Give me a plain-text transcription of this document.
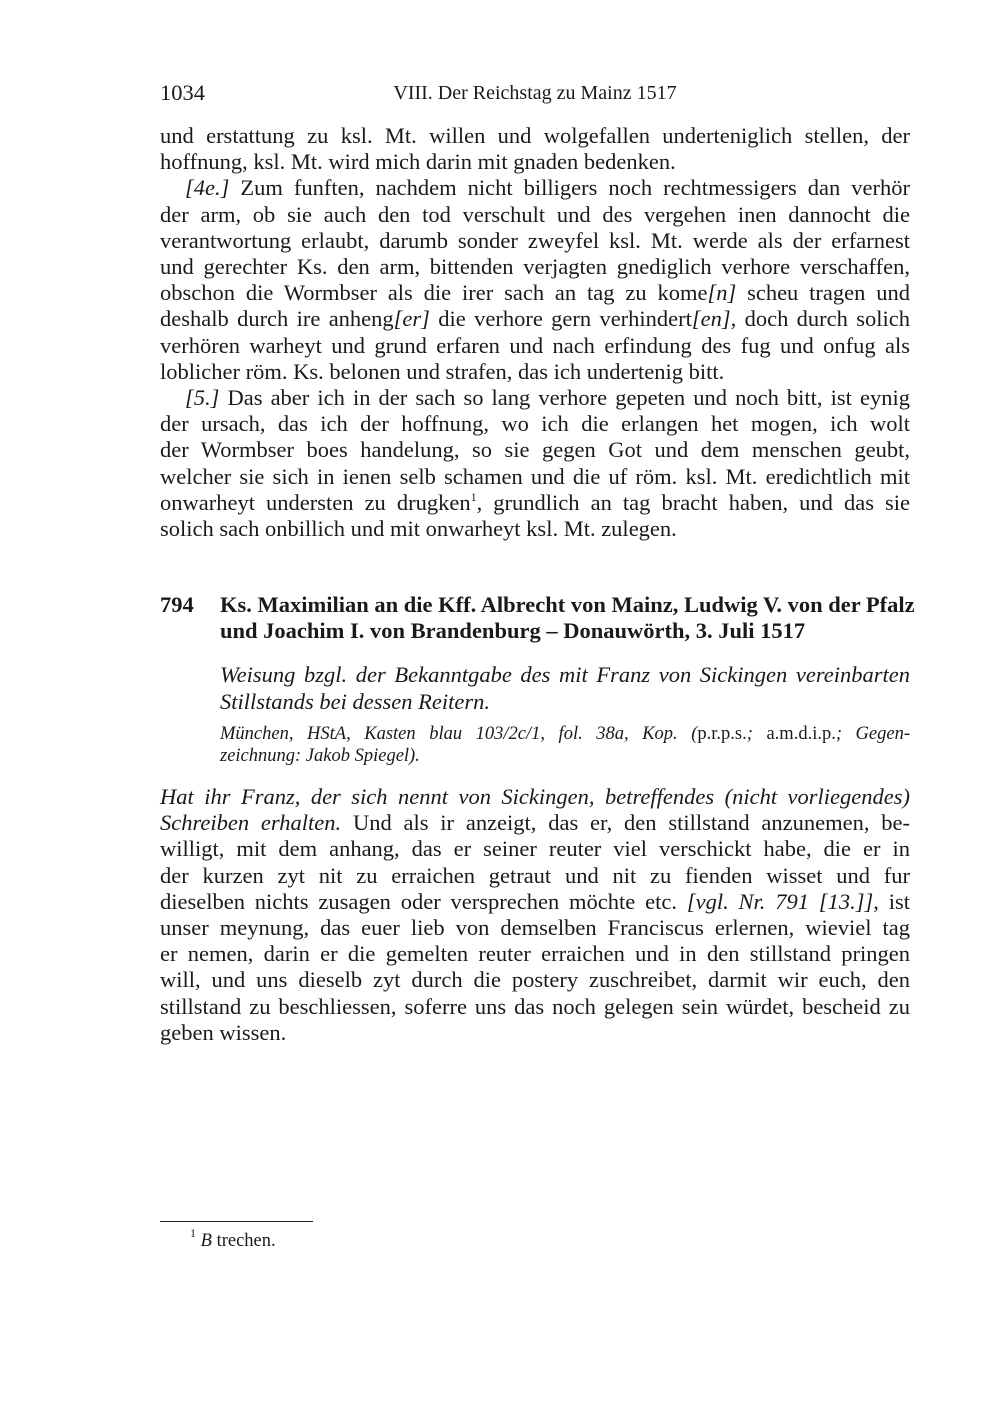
1034	VIII. Der Reichstag zu Mainz 1517
794
und erstattung zu ksl. Mt. willen und wolgefallen underteniglich stellen, der
hoffnung, ksl. Mt. wird mich darin mit gnaden bedenken.
[4e.] Zum funften, nachdem nicht billigers noch rechtmessigers dan verhör
der arm, ob sie auch den tod verschult und des vergehen inen dannocht die
verantwortung erlaubt, darumb sonder zweyfel ksl. Mt. werde als der erfarnest
und gerechter Ks. den arm, bittenden verjagten gnediglich verhore verschaffen,
obschon die Wormbser als die irer sach an tag zu kome[n] scheu tragen und
deshalb durch ire anheng[er] die verhore gern verhindert[en], doch durch solich
verhören warheyt und grund erfaren und nach erfindung des fug und onfug als
loblicher röm. Ks. belonen und strafen, das ich undertenig bitt.
[5.] Das aber ich in der sach so lang verhore gepeten und noch bitt, ist eynig
der ursach, das ich der hoffnung, wo ich die erlangen het mogen, ich wolt
der Wormbser boes handelung, so sie gegen Got und dem menschen geubt,
welcher sie sich in ienen selb schamen und die uf röm. ksl. Mt. eredichtlich mit
onwarheyt understen zu drugken$^1$, grundlich an tag bracht haben, und das sie
solich sach onbillich und mit onwarheyt ksl. Mt. zulegen.
Ks. Maximilian an die Kff. Albrecht von Mainz, Ludwig V. von der Pfalz
und Joachim I. von Brandenburg – Donauwörth, 3. Juli 1517
Weisung bzgl. der Bekanntgabe des mit Franz von Sickingen vereinbarten
Stillstands bei dessen Reitern.
München, HStA, Kasten blau 103/2c/1, fol. 38a, Kop. (p.r.p.s.; a.m.d.i.p.; Gegen-
zeichnung: Jakob Spiegel).
Hat ihr Franz, der sich nennt von Sickingen, betreffendes (nicht vorliegendes)
Schreiben erhalten. Und als ir anzeigt, das er, den stillstand anzunemen, be-
willigt, mit dem anhang, das er seiner reuter viel verschickt habe, die er in
der kurzen zyt nit zu erraichen getraut und nit zu fienden wisset und fur
dieselben nichts zusagen oder versprechen möchte etc. [vgl. Nr. 791 [13.]], ist
unser meynung, das euer lieb von demselben Franciscus erlernen, wieviel tag
er nemen, darin er die gemelten reuter erraichen und in den stillstand pringen
will, und uns dieselb zyt durch die postery zuschreibet, darmit wir euch, den
stillstand zu beschliessen, soferre uns das noch gelegen sein würdet, bescheid zu
geben wissen.
$^1$ B trechen.
